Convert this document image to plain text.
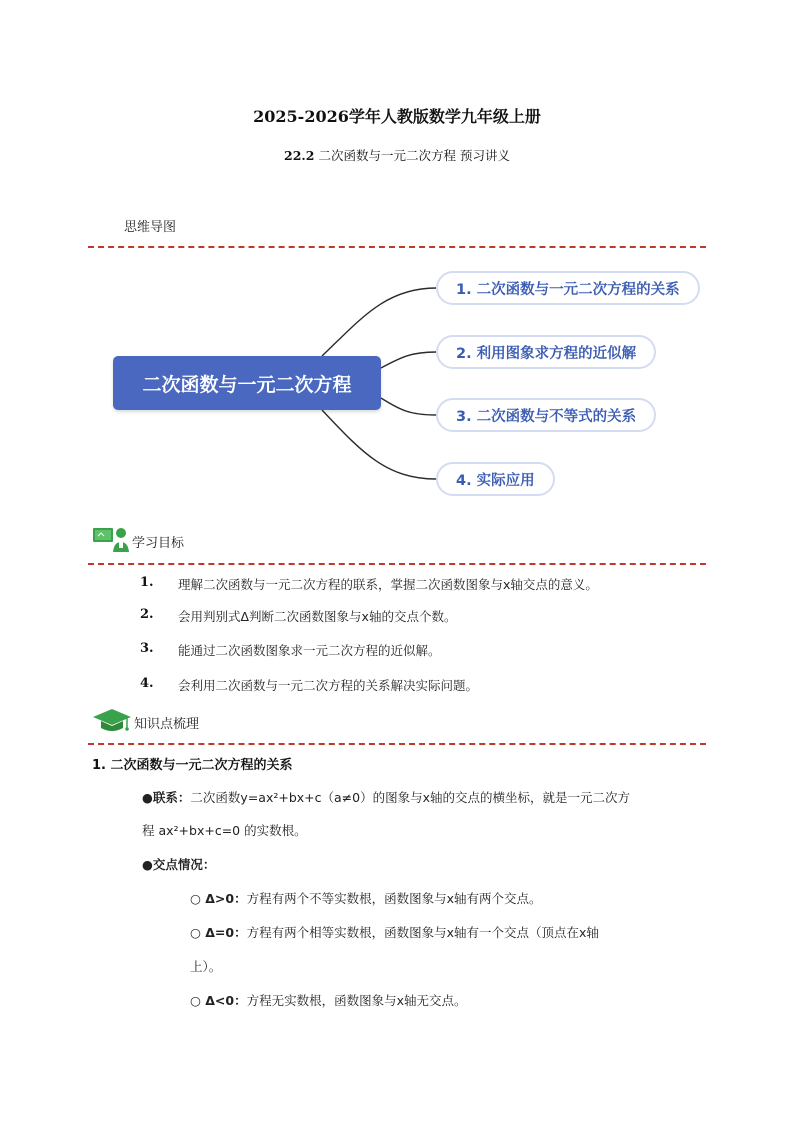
2025-2026学年人教版数学九年级上册
22.2 二次函数与一元二次方程 预习讲义
思维导图
二次函数与一元二次方程
1. 二次函数与一元二次方程的关系
2. 利用图象求方程的近似解
3. 二次函数与不等式的关系
4. 实际应用
学习目标
1. 理解二次函数与一元二次方程的联系，掌握二次函数图象与x轴交点的意义。
2. 会用判别式Δ判断二次函数图象与x轴的交点个数。
3. 能通过二次函数图象求一元二次方程的近似解。
4. 会利用二次函数与一元二次方程的关系解决实际问题。
知识点梳理
1. 二次函数与一元二次方程的关系
●联系：二次函数y=ax²+bx+c（a≠0）的图象与x轴的交点的横坐标，就是一元二次方
程 ax²+bx+c=0 的实数根。
●交点情况：
○ Δ>0：方程有两个不等实数根，函数图象与x轴有两个交点。
○ Δ=0：方程有两个相等实数根，函数图象与x轴有一个交点（顶点在x轴
上）。
○ Δ<0：方程无实数根，函数图象与x轴无交点。
